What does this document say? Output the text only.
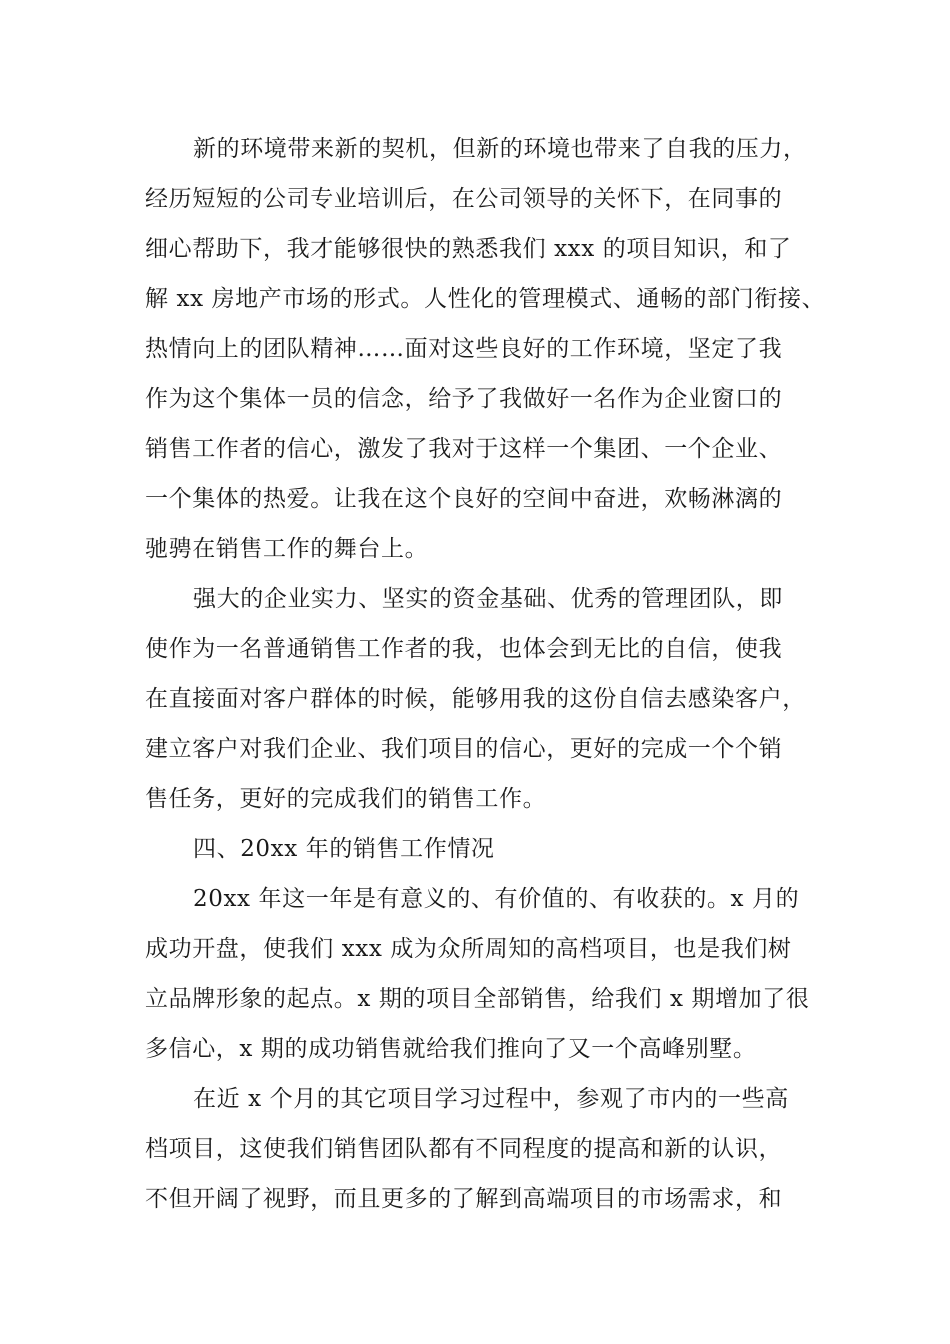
新的环境带来新的契机，但新的环境也带来了自我的压力，
经历短短的公司专业培训后，在公司领导的关怀下，在同事的
细心帮助下，我才能够很快的熟悉我们 xxx 的项目知识，和了
解 xx 房地产市场的形式。人性化的管理模式、通畅的部门衔接、
热情向上的团队精神……面对这些良好的工作环境，坚定了我
作为这个集体一员的信念，给予了我做好一名作为企业窗口的
销售工作者的信心，激发了我对于这样一个集团、一个企业、
一个集体的热爱。让我在这个良好的空间中奋进，欢畅淋漓的
驰骋在销售工作的舞台上。
强大的企业实力、坚实的资金基础、优秀的管理团队，即
使作为一名普通销售工作者的我，也体会到无比的自信，使我
在直接面对客户群体的时候，能够用我的这份自信去感染客户，
建立客户对我们企业、我们项目的信心，更好的完成一个个销
售任务，更好的完成我们的销售工作。
四、20xx 年的销售工作情况
20xx 年这一年是有意义的、有价值的、有收获的。x 月的
成功开盘，使我们 xxx 成为众所周知的高档项目，也是我们树
立品牌形象的起点。x 期的项目全部销售，给我们 x 期增加了很
多信心，x 期的成功销售就给我们推向了又一个高峰别墅。
在近 x 个月的其它项目学习过程中，参观了市内的一些高
档项目，这使我们销售团队都有不同程度的提高和新的认识，
不但开阔了视野，而且更多的了解到高端项目的市场需求，和
